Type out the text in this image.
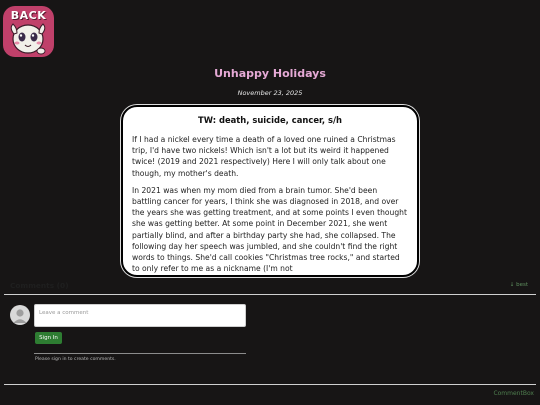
BACK
Unhappy Holidays
November 23, 2025
TW: death, suicide, cancer, s/h

If I had a nickel every time a death of a loved one ruined a Christmas trip, I'd have two nickels! Which isn't a lot but its weird it happened twice! (2019 and 2021 respectively) Here I will only talk about one though, my mother's death.

In 2021 was when my mom died from a brain tumor. She'd been battling cancer for years, I think she was diagnosed in 2018, and over the years she was getting treatment, and at some points I even thought she was getting better. At some point in December 2021, she went partially blind, and after a birthday party she had, she collapsed. The following day her speech was jumbled, and she couldn't find the right words to things. She'd call cookies "Christmas tree rocks," and started to only refer to me as a nickname (I'm not

Comments (0)	↓ best
Leave a comment
Sign In
Please sign in to create comments.
CommentBox
